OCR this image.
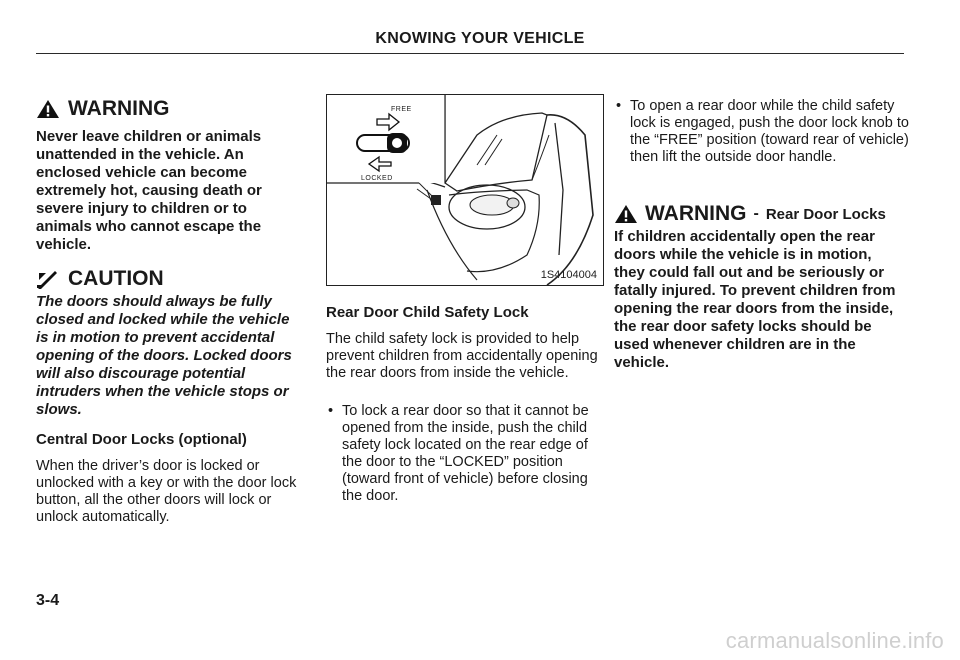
KNOWING YOUR VEHICLE
WARNING
Never leave children or animals unattended in the vehicle. An enclosed vehicle can become extremely hot, causing death or severe injury to children or to animals who cannot escape the vehicle.
CAUTION
The doors should always be fully closed and locked while the vehicle is in motion to prevent accidental opening of the doors. Locked doors will also discourage potential intruders when the vehicle stops or slows.
Central Door Locks (optional)
When the driver’s door is locked or unlocked with a key or with the door lock button, all the other doors will lock or unlock automatically.
3-4
FREE
LOCKED
1S4104004
Rear Door Child Safety Lock
The child safety lock is provided to help prevent children from accidentally opening the rear doors from inside the vehicle.
• To lock a rear door so that it cannot be opened from the inside, push the child safety lock located on the rear edge of the door to the “LOCKED” position (toward front of vehicle) before closing the door.
• To open a rear door while the child safety lock is engaged, push the door lock knob to the “FREE” position (toward rear of vehicle) then lift the outside door handle.
WARNING - Rear Door Locks
If children accidentally open the rear doors while the vehicle is in motion, they could fall out and be seriously or fatally injured. To prevent children from opening the rear doors from the inside, the rear door safety locks should be used whenever children are in the vehicle.
carmanualsonline.info
